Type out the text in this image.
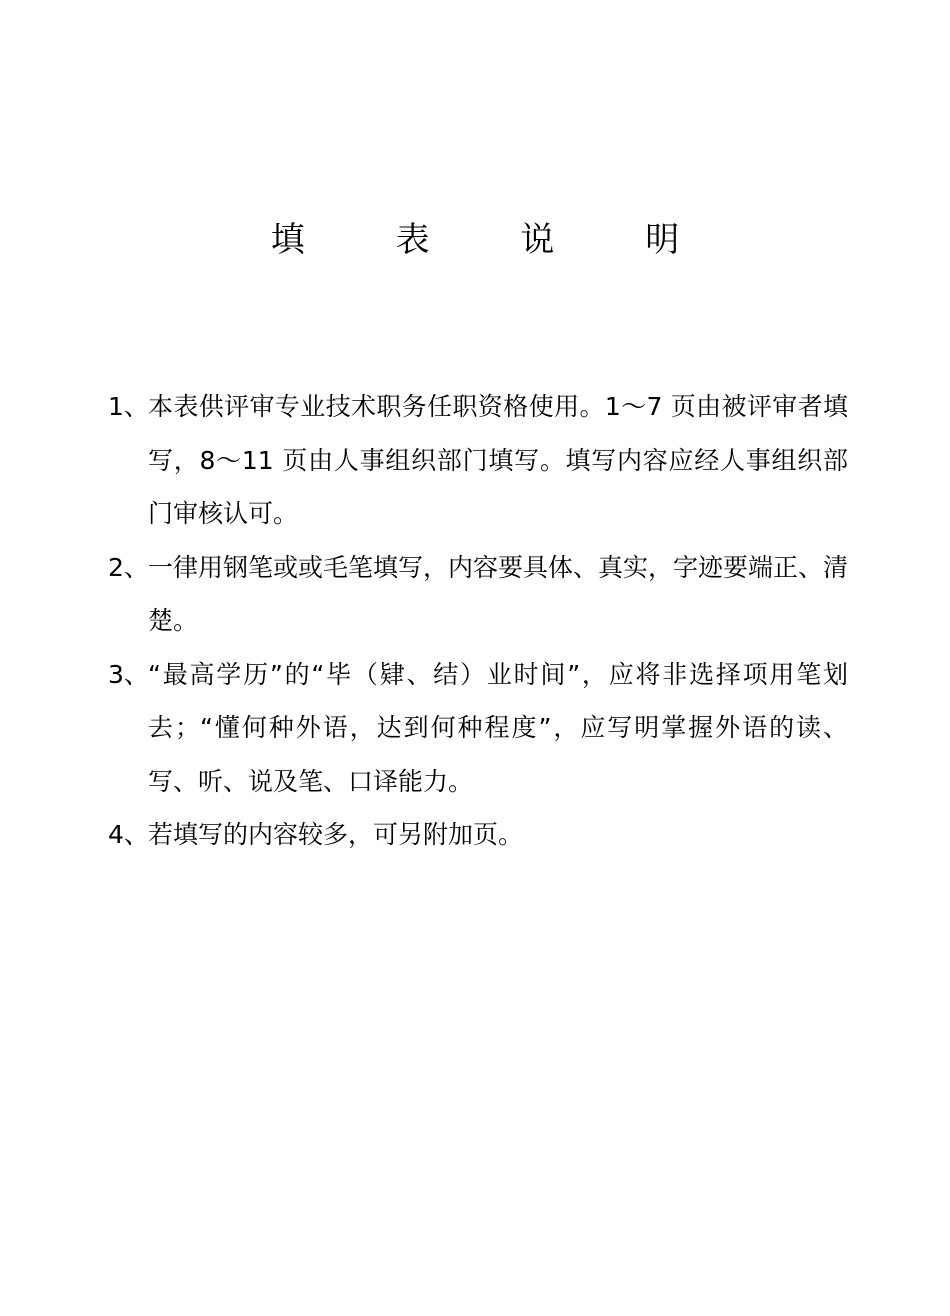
填 表 说 明
1、 本表供评审专业技术职务任职资格使用。1～7 页由被评审者填写，8～11 页由人事组织部门填写。填写内容应经人事组织部门审核认可。
2、 一律用钢笔或或毛笔填写，内容要具体、真实，字迹要端正、清楚。
3、 “最高学历”的“毕（肄、结）业时间”，应将非选择项用笔划去；“懂何种外语，达到何种程度”，应写明掌握外语的读、写、听、说及笔、口译能力。
4、 若填写的内容较多，可另附加页。
